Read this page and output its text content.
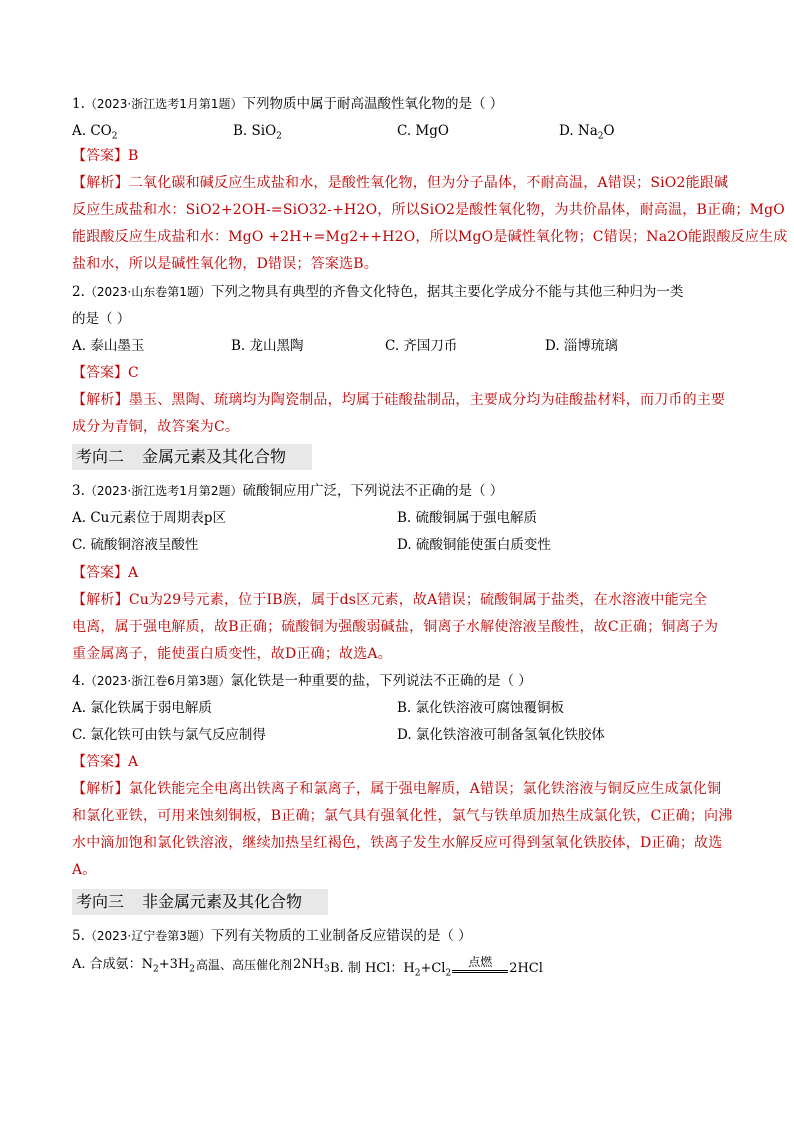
1.（2023·浙江选考1月第1题）下列物质中属于耐高温酸性氧化物的是（ ）
A. $CO_2$	B. SiO$_2$	C. MgO	D. $Na_2O$
【答案】B
【解析】二氧化碳和碱反应生成盐和水，是酸性氧化物，但为分子晶体，不耐高温，A错误；SiO2能跟碱
反应生成盐和水：SiO2+2OH-=SiO32-+H2O，所以SiO2是酸性氧化物，为共价晶体，耐高温，B正确；MgO
能跟酸反应生成盐和水：MgO +2H+=Mg2++H2O，所以MgO是碱性氧化物；C错误；Na2O能跟酸反应生成
盐和水，所以是碱性氧化物，D错误；答案选B。
2.（2023·山东卷第1题）下列之物具有典型的齐鲁文化特色，据其主要化学成分不能与其他三种归为一类
的是（ ）
A. 泰山墨玉	B. 龙山黑陶	C. 齐国刀币	D. 淄博琉璃
【答案】C
【解析】墨玉、黑陶、琉璃均为陶瓷制品，均属于硅酸盐制品，主要成分均为硅酸盐材料，而刀币的主要
成分为青铜，故答案为C。
考向二 金属元素及其化合物
3.（2023·浙江选考1月第2题）硫酸铜应用广泛，下列说法不正确的是（ ）
A. Cu元素位于周期表p区	B. 硫酸铜属于强电解质
C. 硫酸铜溶液呈酸性	D. 硫酸铜能使蛋白质变性
【答案】A
【解析】Cu为29号元素，位于IB族，属于ds区元素，故A错误；硫酸铜属于盐类，在水溶液中能完全
电离，属于强电解质，故B正确；硫酸铜为强酸弱碱盐，铜离子水解使溶液呈酸性，故C正确；铜离子为
重金属离子，能使蛋白质变性，故D正确；故选A。
4.（2023·浙江卷6月第3题）氯化铁是一种重要的盐，下列说法不正确的是（ ）
A. 氯化铁属于弱电解质	B. 氯化铁溶液可腐蚀覆铜板
C. 氯化铁可由铁与氯气反应制得	D. 氯化铁溶液可制备氢氧化铁胶体
【答案】A
【解析】氯化铁能完全电离出铁离子和氯离子，属于强电解质，A错误；氯化铁溶液与铜反应生成氯化铜
和氯化亚铁，可用来蚀刻铜板，B正确；氯气具有强氧化性，氯气与铁单质加热生成氯化铁，C正确；向沸
水中滴加饱和氯化铁溶液，继续加热呈红褐色，铁离子发生水解反应可得到氢氧化铁胶体，D正确；故选
A。
考向三 非金属元素及其化合物
5.（2023·辽宁卷第3题）下列有关物质的工业制备反应错误的是（ ）
A. 合成氨：$N_2+3H_2$高温、高压催化剂$2NH_3$ B. 制 HCl：$H_2+Cl_2$点燃 2HCl
